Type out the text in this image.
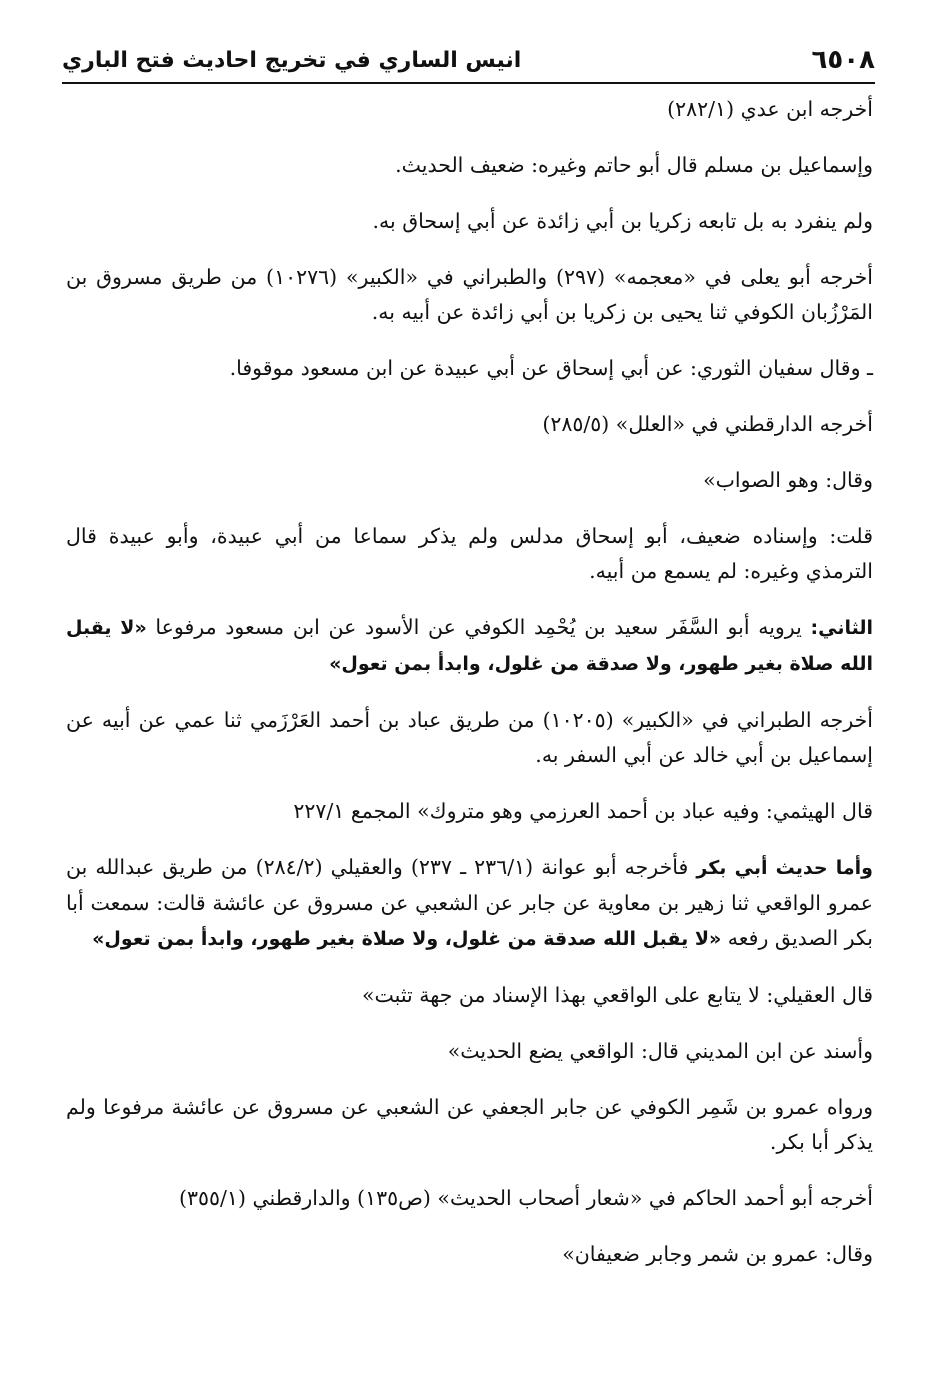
٦٥٠٨
انيس الساري في تخريج احاديث فتح الباري

أخرجه ابن عدي (٢٨٢/١)

وإسماعيل بن مسلم قال أبو حاتم وغيره: ضعيف الحديث.

ولم ينفرد به بل تابعه زكريا بن أبي زائدة عن أبي إسحاق به.

أخرجه أبو يعلى في «معجمه» (٢٩٧) والطبراني في «الكبير» (١٠٢٧٦) من طريق مسروق بن المَرْزُبان الكوفي ثنا يحيى بن زكريا بن أبي زائدة عن أبيه به.

ـ وقال سفيان الثوري: عن أبي إسحاق عن أبي عبيدة عن ابن مسعود موقوفا.

أخرجه الدارقطني في «العلل» (٢٨٥/٥)

وقال: وهو الصواب»

قلت: وإسناده ضعيف، أبو إسحاق مدلس ولم يذكر سماعا من أبي عبيدة، وأبو عبيدة قال الترمذي وغيره: لم يسمع من أبيه.

الثاني: يرويه أبو السَّفَر سعيد بن يُحْمِد الكوفي عن الأسود عن ابن مسعود مرفوعا «لا يقبل الله صلاة بغير طهور، ولا صدقة من غلول، وابدأ بمن تعول»

أخرجه الطبراني في «الكبير» (١٠٢٠٥) من طريق عباد بن أحمد العَرْزَمي ثنا عمي عن أبيه عن إسماعيل بن أبي خالد عن أبي السفر به.

قال الهيثمي: وفيه عباد بن أحمد العرزمي وهو متروك» المجمع ٢٢٧/١

وأما حديث أبي بكر فأخرجه أبو عوانة (٢٣٦/١ ـ ٢٣٧) والعقيلي (٢٨٤/٢) من طريق عبدالله بن عمرو الواقعي ثنا زهير بن معاوية عن جابر عن الشعبي عن مسروق عن عائشة قالت: سمعت أبا بكر الصديق رفعه «لا يقبل الله صدقة من غلول، ولا صلاة بغير طهور، وابدأ بمن تعول»

قال العقيلي: لا يتابع على الواقعي بهذا الإسناد من جهة تثبت»

وأسند عن ابن المديني قال: الواقعي يضع الحديث»

ورواه عمرو بن شَمِر الكوفي عن جابر الجعفي عن الشعبي عن مسروق عن عائشة مرفوعا ولم يذكر أبا بكر.

أخرجه أبو أحمد الحاكم في «شعار أصحاب الحديث» (ص١٣٥) والدارقطني (٣٥٥/١)

وقال: عمرو بن شمر وجابر ضعيفان»
